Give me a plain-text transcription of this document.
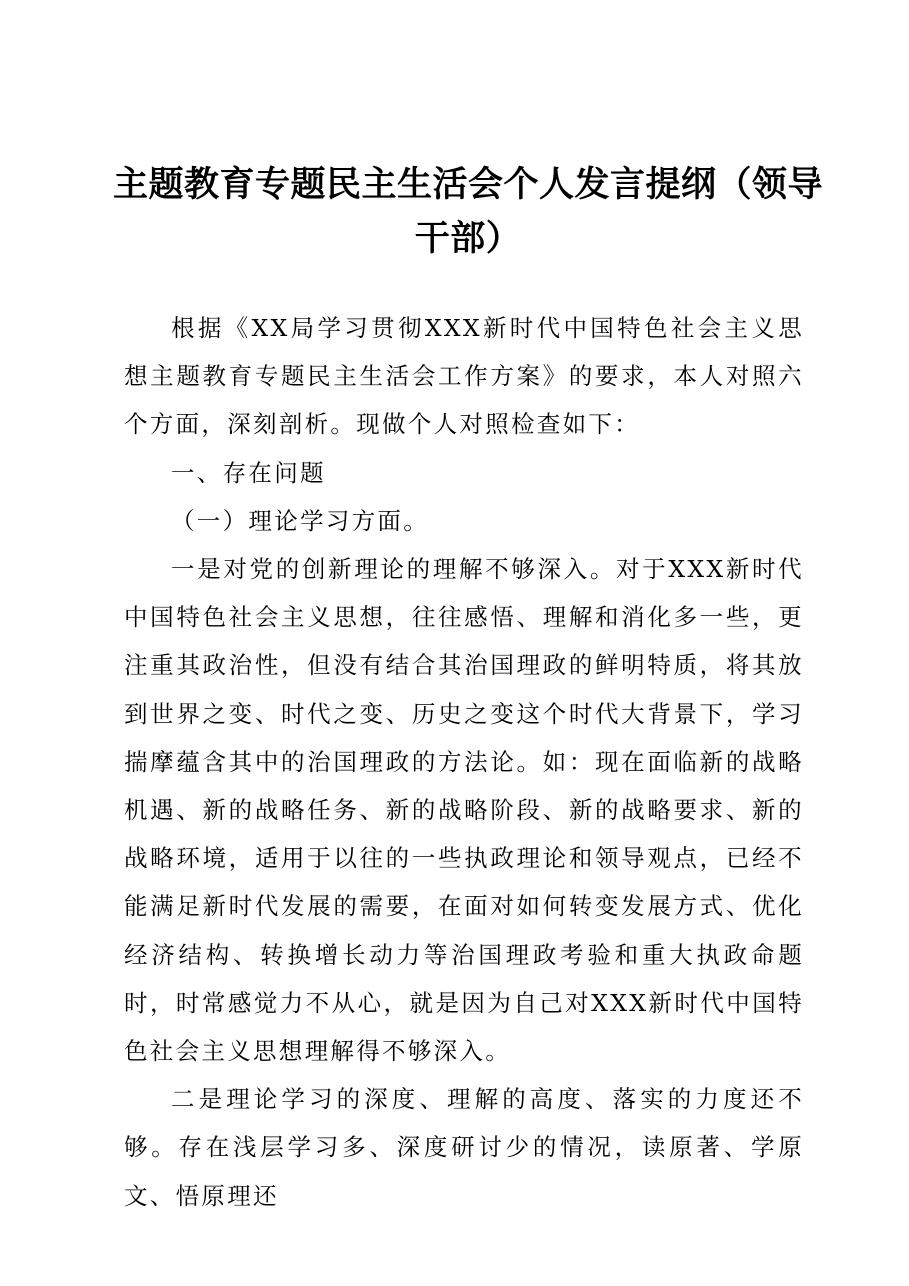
主题教育专题民主生活会个人发言提纲（领导干部）

根据《XX局学习贯彻XXX新时代中国特色社会主义思想主题教育专题民主生活会工作方案》的要求，本人对照六个方面，深刻剖析。现做个人对照检查如下：

一、存在问题

（一）理论学习方面。

一是对党的创新理论的理解不够深入。对于XXX新时代中国特色社会主义思想，往往感悟、理解和消化多一些，更注重其政治性，但没有结合其治国理政的鲜明特质，将其放到世界之变、时代之变、历史之变这个时代大背景下，学习揣摩蕴含其中的治国理政的方法论。如：现在面临新的战略机遇、新的战略任务、新的战略阶段、新的战略要求、新的战略环境，适用于以往的一些执政理论和领导观点，已经不能满足新时代发展的需要，在面对如何转变发展方式、优化经济结构、转换增长动力等治国理政考验和重大执政命题时，时常感觉力不从心，就是因为自己对XXX新时代中国特色社会主义思想理解得不够深入。

二是理论学习的深度、理解的高度、落实的力度还不够。存在浅层学习多、深度研讨少的情况，读原著、学原文、悟原理还
